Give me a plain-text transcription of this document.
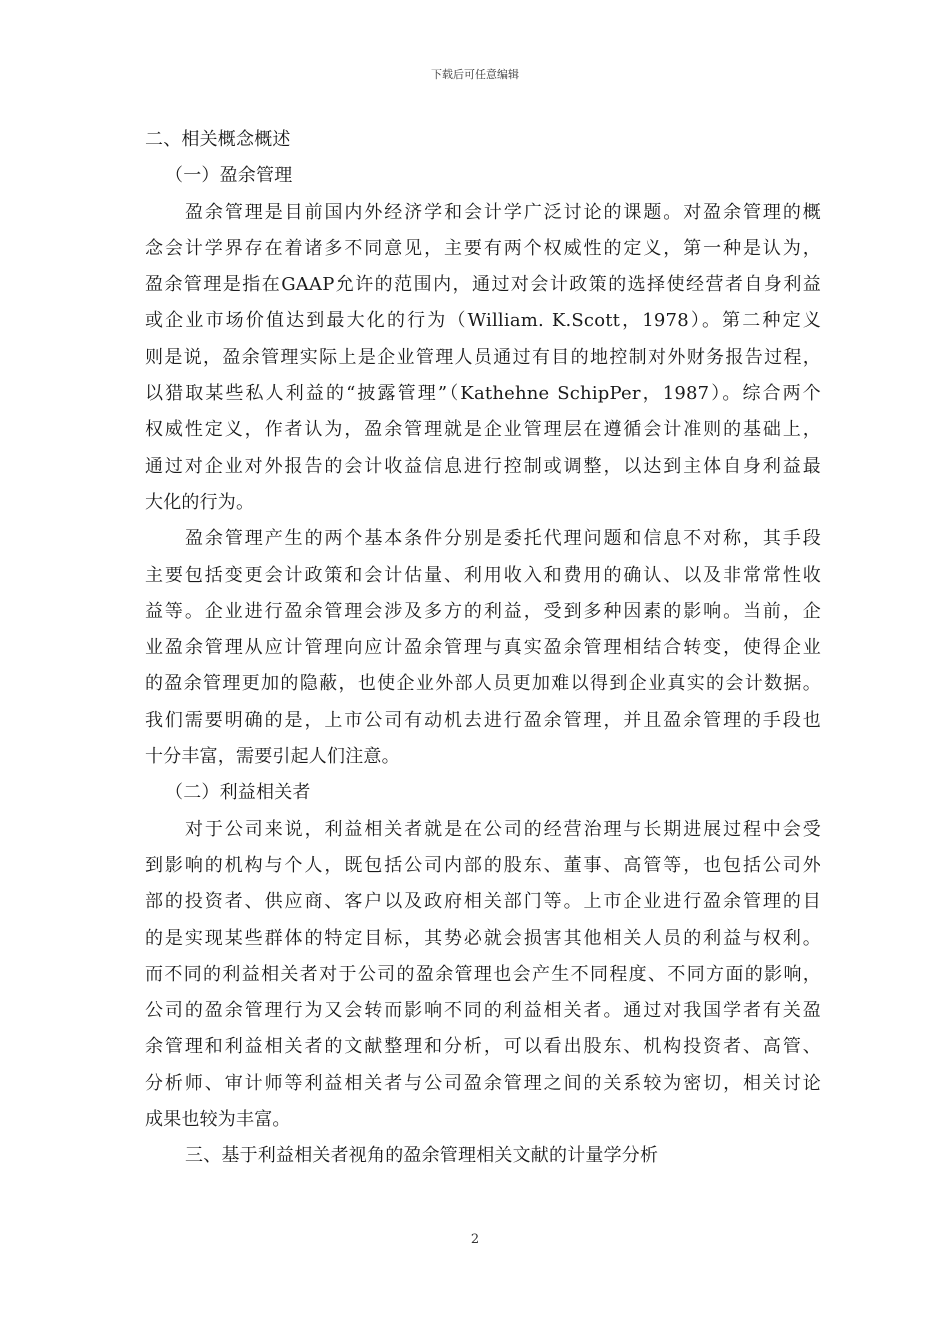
下载后可任意编辑
二、相关概念概述
（一）盈余管理
盈余管理是目前国内外经济学和会计学广泛讨论的课题。对盈余管理的概
念会计学界存在着诸多不同意见，主要有两个权威性的定义，第一种是认为，
盈余管理是指在GAAP允许的范围内，通过对会计政策的选择使经营者自身利益
或企业市场价值达到最大化的行为（William. K.Scott，1978）。第二种定义
则是说，盈余管理实际上是企业管理人员通过有目的地控制对外财务报告过程，
以猎取某些私人利益的“披露管理”（Kathehne SchipPer，1987）。综合两个
权威性定义，作者认为，盈余管理就是企业管理层在遵循会计准则的基础上，
通过对企业对外报告的会计收益信息进行控制或调整，以达到主体自身利益最
大化的行为。
盈余管理产生的两个基本条件分别是委托代理问题和信息不对称，其手段
主要包括变更会计政策和会计估量、利用收入和费用的确认、以及非常常性收
益等。企业进行盈余管理会涉及多方的利益，受到多种因素的影响。当前，企
业盈余管理从应计管理向应计盈余管理与真实盈余管理相结合转变，使得企业
的盈余管理更加的隐蔽，也使企业外部人员更加难以得到企业真实的会计数据。
我们需要明确的是，上市公司有动机去进行盈余管理，并且盈余管理的手段也
十分丰富，需要引起人们注意。
（二）利益相关者
对于公司来说，利益相关者就是在公司的经营治理与长期进展过程中会受
到影响的机构与个人，既包括公司内部的股东、董事、高管等，也包括公司外
部的投资者、供应商、客户以及政府相关部门等。上市企业进行盈余管理的目
的是实现某些群体的特定目标，其势必就会损害其他相关人员的利益与权利。
而不同的利益相关者对于公司的盈余管理也会产生不同程度、不同方面的影响，
公司的盈余管理行为又会转而影响不同的利益相关者。通过对我国学者有关盈
余管理和利益相关者的文献整理和分析，可以看出股东、机构投资者、高管、
分析师、审计师等利益相关者与公司盈余管理之间的关系较为密切，相关讨论
成果也较为丰富。
三、基于利益相关者视角的盈余管理相关文献的计量学分析
2
